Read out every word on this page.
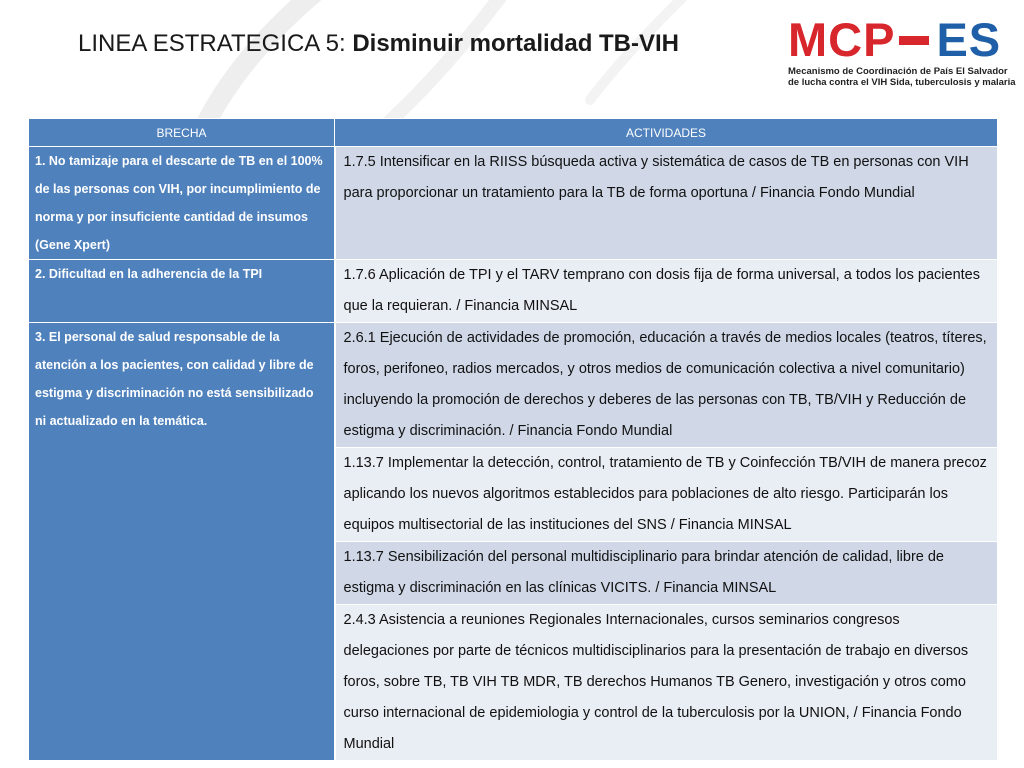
LINEA ESTRATEGICA 5: Disminuir mortalidad TB-VIH MCP ES
Mecanismo de Coordinación de País El Salvador
de lucha contra el VIH Sida, tuberculosis y malaria
BRECHA	ACTIVIDADES
1. No tamizaje para el descarte de TB en el 100% de las personas con VIH, por incumplimiento de norma y por insuficiente cantidad de insumos (Gene Xpert)	1.7.5 Intensificar en la RIISS búsqueda activa y sistemática de casos de TB en personas con VIH para proporcionar un tratamiento para la TB de forma oportuna / Financia Fondo Mundial
2. Dificultad en la adherencia de la TPI	1.7.6 Aplicación de TPI y el TARV temprano con dosis fija de forma universal, a todos los pacientes que la requieran. / Financia MINSAL
3. El personal de salud responsable de la atención a los pacientes, con calidad y libre de estigma y discriminación no está sensibilizado ni actualizado en la temática.	2.6.1 Ejecución de actividades de promoción, educación a través de medios locales (teatros, títeres, foros, perifoneo, radios mercados, y otros medios de comunicación colectiva a nivel comunitario) incluyendo la promoción de derechos y deberes de las personas con TB, TB/VIH y Reducción de estigma y discriminación. / Financia Fondo Mundial
	1.13.7 Implementar la detección, control, tratamiento de TB y Coinfección TB/VIH de manera precoz aplicando los nuevos algoritmos establecidos para poblaciones de alto riesgo. Participarán los equipos multisectorial de las instituciones del SNS / Financia MINSAL
	1.13.7 Sensibilización del personal multidisciplinario para brindar atención de calidad, libre de estigma y discriminación en las clínicas VICITS. / Financia MINSAL
	2.4.3 Asistencia a reuniones Regionales Internacionales, cursos seminarios congresos delegaciones por parte de técnicos multidisciplinarios para la presentación de trabajo en diversos foros, sobre TB, TB VIH TB MDR, TB derechos Humanos TB Genero, investigación y otros como curso internacional de epidemiologia y control de la tuberculosis por la UNION, / Financia Fondo Mundial
